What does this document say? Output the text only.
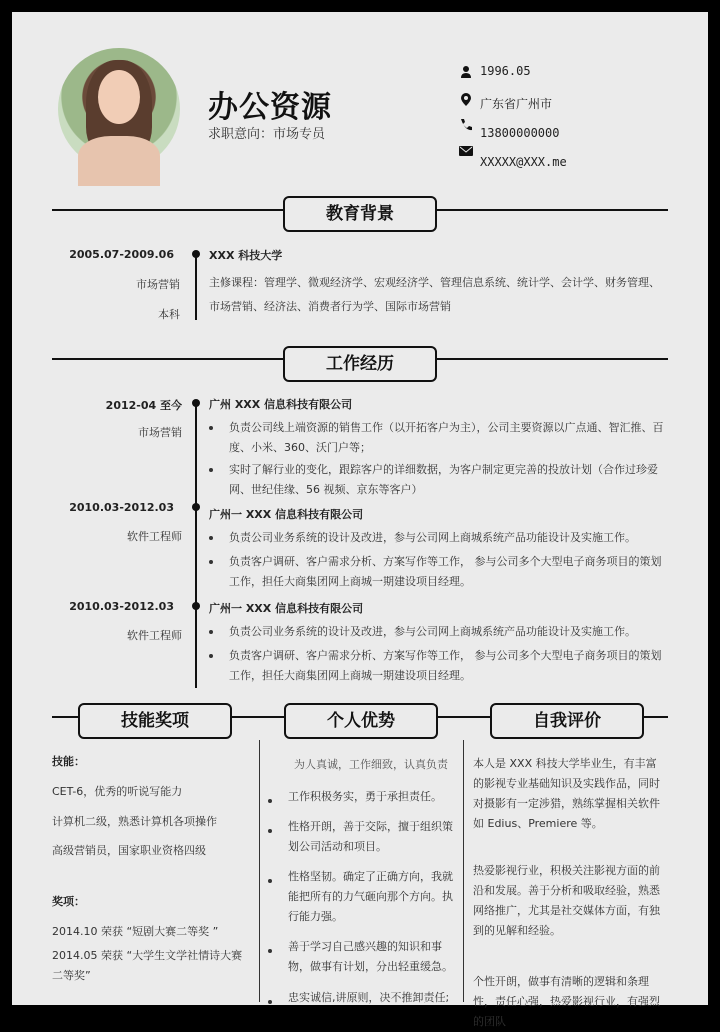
办公资源
求职意向：市场专员
1996.05
广东省广州市
13800000000
XXXXX@XXX.me
教育背景
2005.07-2009.06
市场营销
本科
XXX 科技大学
主修课程：管理学、微观经济学、宏观经济学、管理信息系统、统计学、会计学、财务管理、市场营销、经济法、消费者行为学、国际市场营销
工作经历
2012-04 至今
市场营销
2010.03-2012.03
软件工程师
2010.03-2012.03
软件工程师
广州 XXX 信息科技有限公司
负责公司线上端资源的销售工作（以开拓客户为主），公司主要资源以广点通、智汇推、百度、小米、360、沃门户等；
实时了解行业的变化，跟踪客户的详细数据，为客户制定更完善的投放计划（合作过珍爱网、世纪佳缘、56 视频、京东等客户）
广州一 XXX 信息科技有限公司
负责公司业务系统的设计及改进，参与公司网上商城系统产品功能设计及实施工作。
负责客户调研、客户需求分析、方案写作等工作， 参与公司多个大型电子商务项目的策划工作，担任大商集团网上商城一期建设项目经理。
广州一 XXX 信息科技有限公司
负责公司业务系统的设计及改进，参与公司网上商城系统产品功能设计及实施工作。
负责客户调研、客户需求分析、方案写作等工作， 参与公司多个大型电子商务项目的策划工作，担任大商集团网上商城一期建设项目经理。
技能奖项	个人优势	自我评价
技能：
CET-6，优秀的听说写能力
计算机二级，熟悉计算机各项操作
高级营销员，国家职业资格四级
奖项：
2014.10 荣获 “短剧大赛二等奖 ”
2014.05 荣获 “大学生文学社情诗大赛二等奖”
为人真诚，工作细致，认真负责
工作积极务实，勇于承担责任。
性格开朗，善于交际，擅于组织策划公司活动和项目。
性格坚韧。确定了正确方向，我就能把所有的力气砸向那个方向。执行能力强。
善于学习自己感兴趣的知识和事物，做事有计划，分出轻重缓急。
忠实诚信,讲原则，决不推卸责任;
本人是 XXX 科技大学毕业生，有丰富的影视专业基础知识及实践作品，同时对摄影有一定涉猎，熟练掌握相关软件如 Edius、Premiere 等。
热爱影视行业，积极关注影视方面的前沿和发展。善于分析和吸取经验，熟悉网络推广，尤其是社交媒体方面，有独到的见解和经验。
个性开朗，做事有清晰的逻辑和条理性，责任心强，热爱影视行业，有强烈的团队
